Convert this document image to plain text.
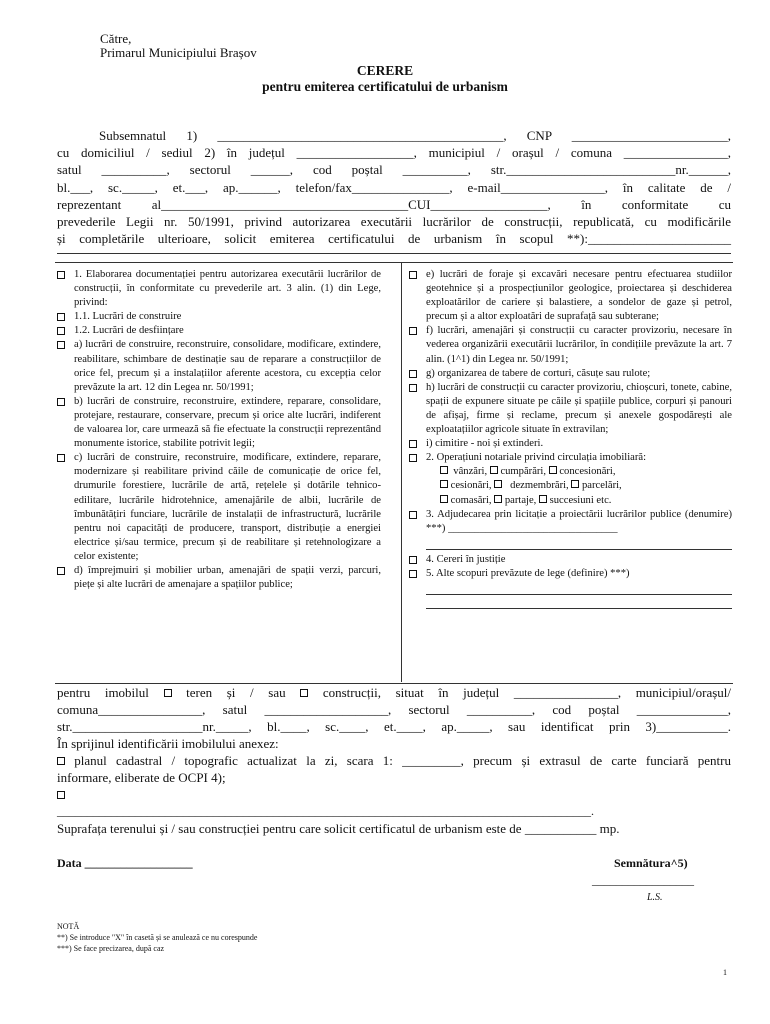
Către,
Primarul Municipiului Brașov
CERERE
pentru emiterea certificatului de urbanism
Subsemnatul 1) ____________________________________________, CNP ________________________,
cu domiciliul / sediul 2) în județul __________________, municipiul / orașul / comuna ________________,
satul __________, sectorul ______, cod poștal __________, str.__________________________nr.______,
bl.___, sc._____, et.___, ap.______, telefon/fax_______________, e-mail________________, în calitate de /
reprezentant al______________________________________CUI__________________, în conformitate cu
prevederile Legii nr. 50/1991, privind autorizarea executării lucrărilor de construcții, republicată, cu modificările
și completările ulterioare, solicit emiterea certificatului de urbanism în scopul **):______________________
1. Elaborarea documentației pentru autorizarea executării lucrărilor de construcții, în conformitate cu prevederile art. 3 alin. (1) din Lege, privind:
1.1. Lucrări de construire
1.2. Lucrări de desființare
a) lucrări de construire, reconstruire, consolidare, modificare, extindere, reabilitare, schimbare de destinație sau de reparare a construcțiilor de orice fel, precum și a instalațiilor aferente acestora, cu excepția celor prevăzute la art. 12 din Legea nr. 50/1991;
b) lucrări de construire, reconstruire, extindere, reparare, consolidare, protejare, restaurare, conservare, precum și orice alte lucrări, indiferent de valoarea lor, care urmează să fie efectuate la construcții reprezentând monumente istorice, stabilite potrivit legii;
c) lucrări de construire, reconstruire, modificare, extindere, reparare, modernizare și reabilitare privind căile de comunicație de orice fel, drumurile forestiere, lucrările de artă, rețelele și dotările tehnico-edilitare, lucrările hidrotehnice, amenajările de albii, lucrările de îmbunătățiri funciare, lucrările de instalații de infrastructură, lucrările pentru noi capacități de producere, transport, distribuție a energiei electrice și/sau termice, precum și de reabilitare și retehnologizare a celor existente;
d) împrejmuiri și mobilier urban, amenajări de spații verzi, parcuri, piețe și alte lucrări de amenajare a spațiilor publice;
e) lucrări de foraje și excavări necesare pentru efectuarea studiilor geotehnice și a prospecțiunilor geologice, proiectarea și deschiderea exploatărilor de cariere și balastiere, a sondelor de gaze și petrol, precum și a altor exploatări de suprafață sau subterane;
f) lucrări, amenajări și construcții cu caracter provizoriu, necesare în vederea organizării executării lucrărilor, în condițiile prevăzute la art. 7 alin. (1^1) din Legea nr. 50/1991;
g) organizarea de tabere de corturi, căsuțe sau rulote;
h) lucrări de construcții cu caracter provizoriu, chioșcuri, tonete, cabine, spații de expunere situate pe căile și spațiile publice, corpuri și panouri de afișaj, firme și reclame, precum și anexele gospodărești ale exploatațiilor agricole situate în extravilan;
i) cimitire - noi și extinderi.
2. Operațiuni notariale privind circulația imobiliară:
vânzări, cumpărări, concesionări,
cesionări, dezmembrări, parcelări,
comasări, partaje, succesiuni etc.
3. Adjudecarea prin licitație a proiectării lucrărilor publice (denumire) ***) ________________________________
4. Cereri în justiție
5. Alte scopuri prevăzute de lege (definire) ***)
pentru imobilul	teren și / sau	construcții, situat în județul ________________, municipiul/orașul/
comuna________________, satul ___________________, sectorul __________, cod poștal ______________,
str.____________________nr._____, bl.____, sc.____, et.____, ap._____, sau identificat prin 3)___________.
În sprijinul identificării imobilului anexez:
planul cadastral / topografic actualizat la zi, scara 1: _________, precum și extrasul de carte funciară pentru
informare, eliberate de OCPI 4);
_________________________________________________________________________________________.
Suprafața terenului și / sau construcției pentru care solicit certificatul de urbanism este de ___________ mp.
Data __________________	Semnătura^5)
_________________
L.S.
NOTĂ
**) Se introduce "X" în casetă și se anulează ce nu corespunde
***) Se face precizarea, după caz
1
